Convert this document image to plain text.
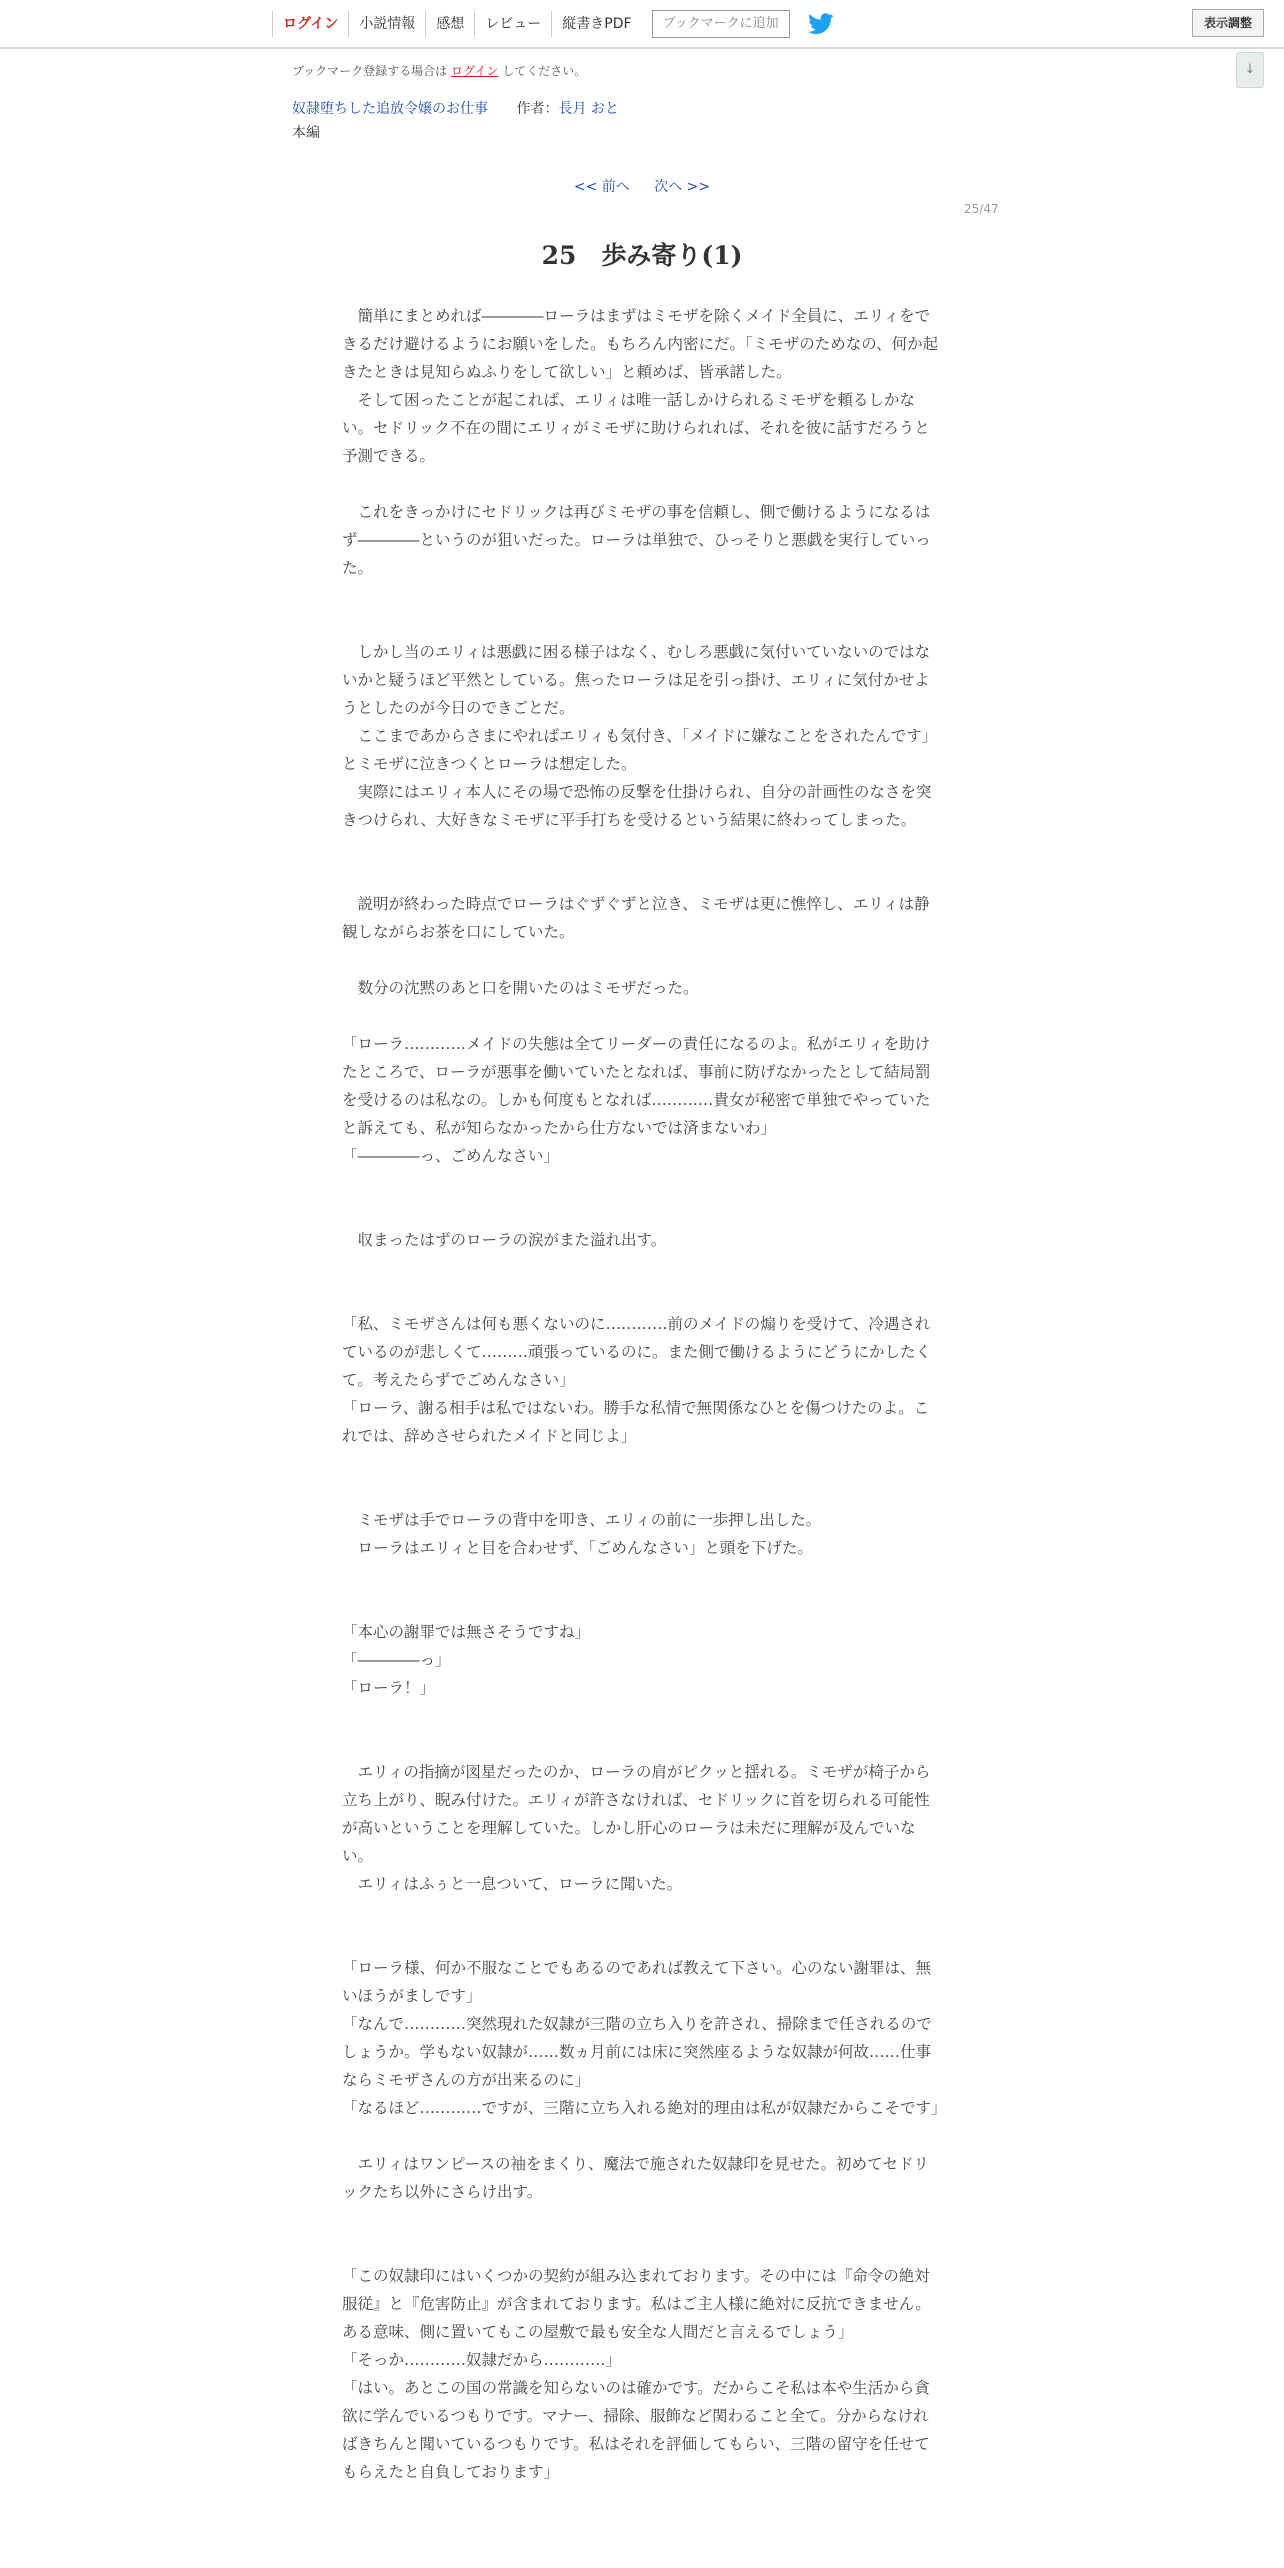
ログイン	小説情報	感想	レビュー	縦書きPDF	ブックマークに追加	表示調整
↓
ブックマーク登録する場合は ログイン してください。
奴隷堕ちした追放令嬢のお仕事 作者：長月 おと
本編
<< 前へ 次へ >>
25/47
25　歩み寄り(1)

　簡単にまとめれば――――ローラはまずはミモザを除くメイド全員に、エリィをできるだけ避けるようにお願いをした。もちろん内密にだ。「ミモザのためなの、何か起きたときは見知らぬふりをして欲しい」と頼めば、皆承諾した。

　そして困ったことが起これば、エリィは唯一話しかけられるミモザを頼るしかない。セドリック不在の間にエリィがミモザに助けられれば、それを彼に話すだろうと予測できる。

　これをきっかけにセドリックは再びミモザの事を信頼し、側で働けるようになるはず――――というのが狙いだった。ローラは単独で、ひっそりと悪戯を実行していった。

　しかし当のエリィは悪戯に困る様子はなく、むしろ悪戯に気付いていないのではないかと疑うほど平然としている。焦ったローラは足を引っ掛け、エリィに気付かせようとしたのが今日のできごとだ。

　ここまであからさまにやればエリィも気付き、「メイドに嫌なことをされたんです」とミモザに泣きつくとローラは想定した。

　実際にはエリィ本人にその場で恐怖の反撃を仕掛けられ、自分の計画性のなさを突きつけられ、大好きなミモザに平手打ちを受けるという結果に終わってしまった。

　説明が終わった時点でローラはぐずぐずと泣き、ミモザは更に憔悴し、エリィは静観しながらお茶を口にしていた。

　数分の沈黙のあと口を開いたのはミモザだった。

「ローラ…………メイドの失態は全てリーダーの責任になるのよ。私がエリィを助けたところで、ローラが悪事を働いていたとなれば、事前に防げなかったとして結局罰を受けるのは私なの。しかも何度もとなれば…………貴女が秘密で単独でやっていたと訴えても、私が知らなかったから仕方ないでは済まないわ」

「――――っ、ごめんなさい」

　収まったはずのローラの涙がまた溢れ出す。

「私、ミモザさんは何も悪くないのに…………前のメイドの煽りを受けて、冷遇されているのが悲しくて………頑張っているのに。また側で働けるようにどうにかしたくて。考えたらずでごめんなさい」

「ローラ、謝る相手は私ではないわ。勝手な私情で無関係なひとを傷つけたのよ。これでは、辞めさせられたメイドと同じよ」

　ミモザは手でローラの背中を叩き、エリィの前に一歩押し出した。

　ローラはエリィと目を合わせず、「ごめんなさい」と頭を下げた。

「本心の謝罪では無さそうですね」

「――――っ」

「ローラ！」

　エリィの指摘が図星だったのか、ローラの肩がピクッと揺れる。ミモザが椅子から立ち上がり、睨み付けた。エリィが許さなければ、セドリックに首を切られる可能性が高いということを理解していた。しかし肝心のローラは未だに理解が及んでいない。

　エリィはふぅと一息ついて、ローラに聞いた。

「ローラ様、何か不服なことでもあるのであれば教えて下さい。心のない謝罪は、無いほうがましです」

「なんで…………突然現れた奴隷が三階の立ち入りを許され、掃除まで任されるのでしょうか。学もない奴隷が……数ヵ月前には床に突然座るような奴隷が何故……仕事ならミモザさんの方が出来るのに」

「なるほど…………ですが、三階に立ち入れる絶対的理由は私が奴隷だからこそです」

　エリィはワンピースの袖をまくり、魔法で施された奴隷印を見せた。初めてセドリックたち以外にさらけ出す。

「この奴隷印にはいくつかの契約が組み込まれております。その中には『命令の絶対服従』と『危害防止』が含まれております。私はご主人様に絶対に反抗できません。ある意味、側に置いてもこの屋敷で最も安全な人間だと言えるでしょう」

「そっか…………奴隷だから…………」

「はい。あとこの国の常識を知らないのは確かです。だからこそ私は本や生活から貪欲に学んでいるつもりです。マナー、掃除、服飾など関わること全て。分からなければきちんと聞いているつもりです。私はそれを評価してもらい、三階の留守を任せてもらえたと自負しております」
